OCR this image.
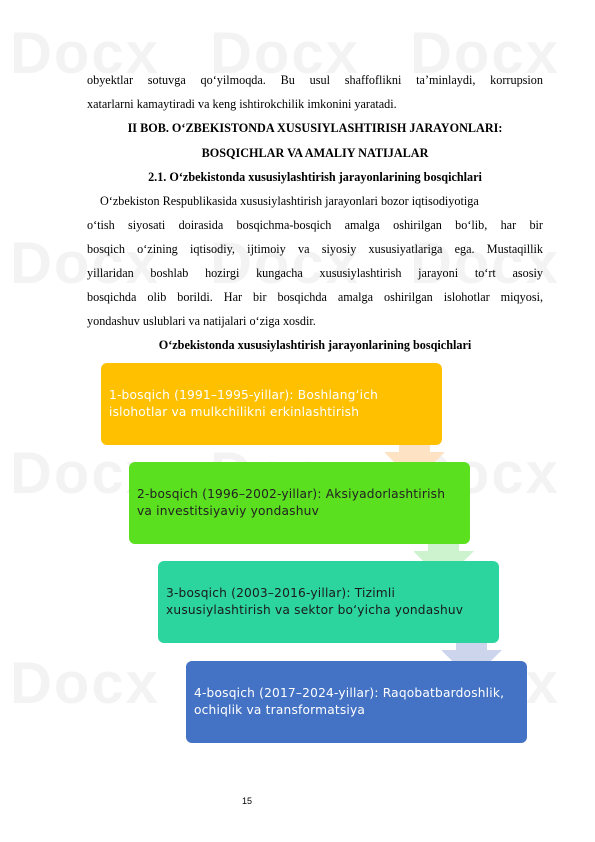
obyektlar sotuvga qo‘yilmoqda. Bu usul shaffoflikni ta’minlaydi, korrupsion
xatarlarni kamaytiradi va keng ishtirokchilik imkonini yaratadi.
II BOB. O‘ZBEKISTONDA XUSUSIYLASHTIRISH JARAYONLARI:
BOSQICHLAR VA AMALIY NATIJALAR
2.1. O‘zbekistonda xususiylashtirish jarayonlarining bosqichlari
O‘zbekiston Respublikasida xususiylashtirish jarayonlari bozor iqtisodiyotiga
o‘tish siyosati doirasida bosqichma-bosqich amalga oshirilgan bo‘lib, har bir
bosqich o‘zining iqtisodiy, ijtimoiy va siyosiy xususiyatlariga ega. Mustaqillik
yillaridan boshlab hozirgi kungacha xususiylashtirish jarayoni to‘rt asosiy
bosqichda olib borildi. Har bir bosqichda amalga oshirilgan islohotlar miqyosi,
yondashuv uslublari va natijalari o‘ziga xosdir.
O‘zbekistonda xususiylashtirish jarayonlarining bosqichlari
1-bosqich (1991–1995-yillar): Boshlang‘ich
islohotlar va mulkchilikni erkinlashtirish
2-bosqich (1996–2002-yillar): Aksiyadorlashtirish
va investitsiyaviy yondashuv
3-bosqich (2003–2016-yillar): Tizimli
xususiylashtirish va sektor bo‘yicha yondashuv
4-bosqich (2017–2024-yillar): Raqobatbardoshlik,
ochiqlik va transformatsiya
15
